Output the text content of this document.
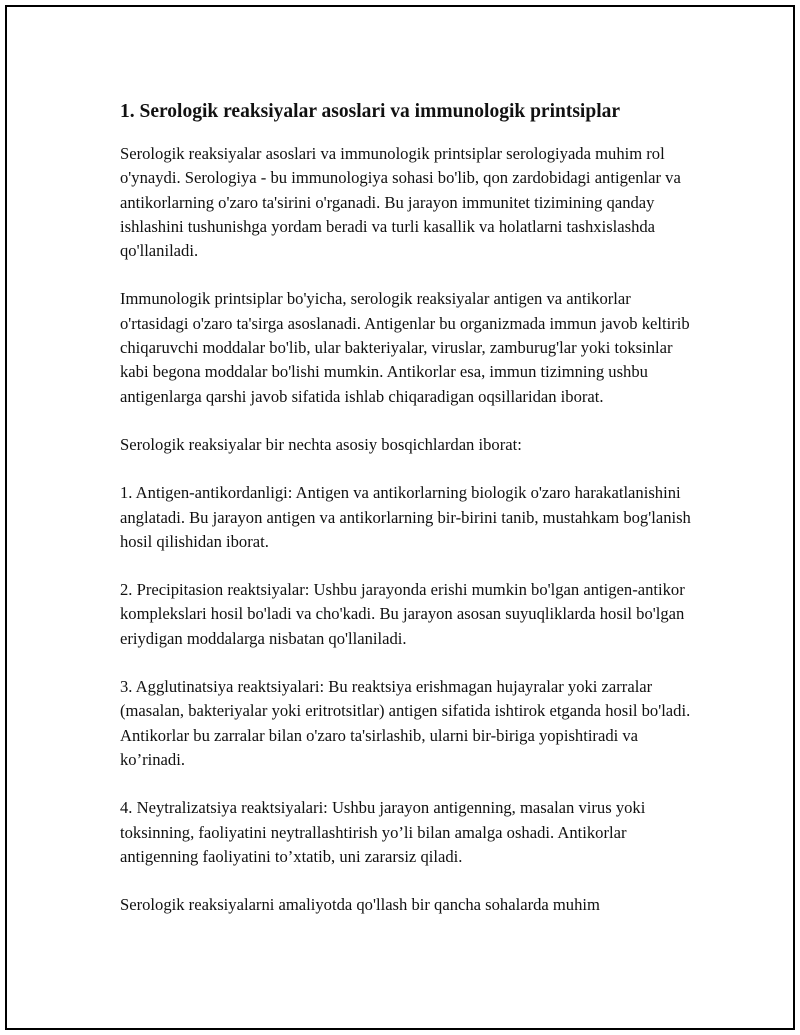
1. Serologik reaksiyalar asoslari va immunologik printsiplar

Serologik reaksiyalar asoslari va immunologik printsiplar serologiyada muhim rol o'ynaydi. Serologiya - bu immunologiya sohasi bo'lib, qon zardobidagi antigenlar va antikorlarning o'zaro ta'sirini o'rganadi. Bu jarayon immunitet tizimining qanday ishlashini tushunishga yordam beradi va turli kasallik va holatlarni tashxislashda qo'llaniladi.

Immunologik printsiplar bo'yicha, serologik reaksiyalar antigen va antikorlar o'rtasidagi o'zaro ta'sirga asoslanadi. Antigenlar bu organizmada immun javob keltirib chiqaruvchi moddalar bo'lib, ular bakteriyalar, viruslar, zamburug'lar yoki toksinlar kabi begona moddalar bo'lishi mumkin. Antikorlar esa, immun tizimning ushbu antigenlarga qarshi javob sifatida ishlab chiqaradigan oqsillaridan iborat.

Serologik reaksiyalar bir nechta asosiy bosqichlardan iborat:

1. Antigen-antikordanligi: Antigen va antikorlarning biologik o'zaro harakatlanishini anglatadi. Bu jarayon antigen va antikorlarning bir-birini tanib, mustahkam bog'lanish hosil qilishidan iborat.

2. Precipitasion reaktsiyalar: Ushbu jarayonda erishi mumkin bo'lgan antigen-antikor komplekslari hosil bo'ladi va cho'kadi. Bu jarayon asosan suyuqliklarda hosil bo'lgan eriydigan moddalarga nisbatan qo'llaniladi.

3. Agglutinatsiya reaktsiyalari: Bu reaktsiya erishmagan hujayralar yoki zarralar (masalan, bakteriyalar yoki eritrotsitlar) antigen sifatida ishtirok etganda hosil bo'ladi. Antikorlar bu zarralar bilan o'zaro ta'sirlashib, ularni bir-biriga yopishtiradi va ko’rinadi.

4. Neytralizatsiya reaktsiyalari: Ushbu jarayon antigenning, masalan virus yoki toksinning, faoliyatini neytrallashtirish yo’li bilan amalga oshadi. Antikorlar antigenning faoliyatini to’xtatib, uni zararsiz qiladi.

Serologik reaksiyalarni amaliyotda qo'llash bir qancha sohalarda muhim
